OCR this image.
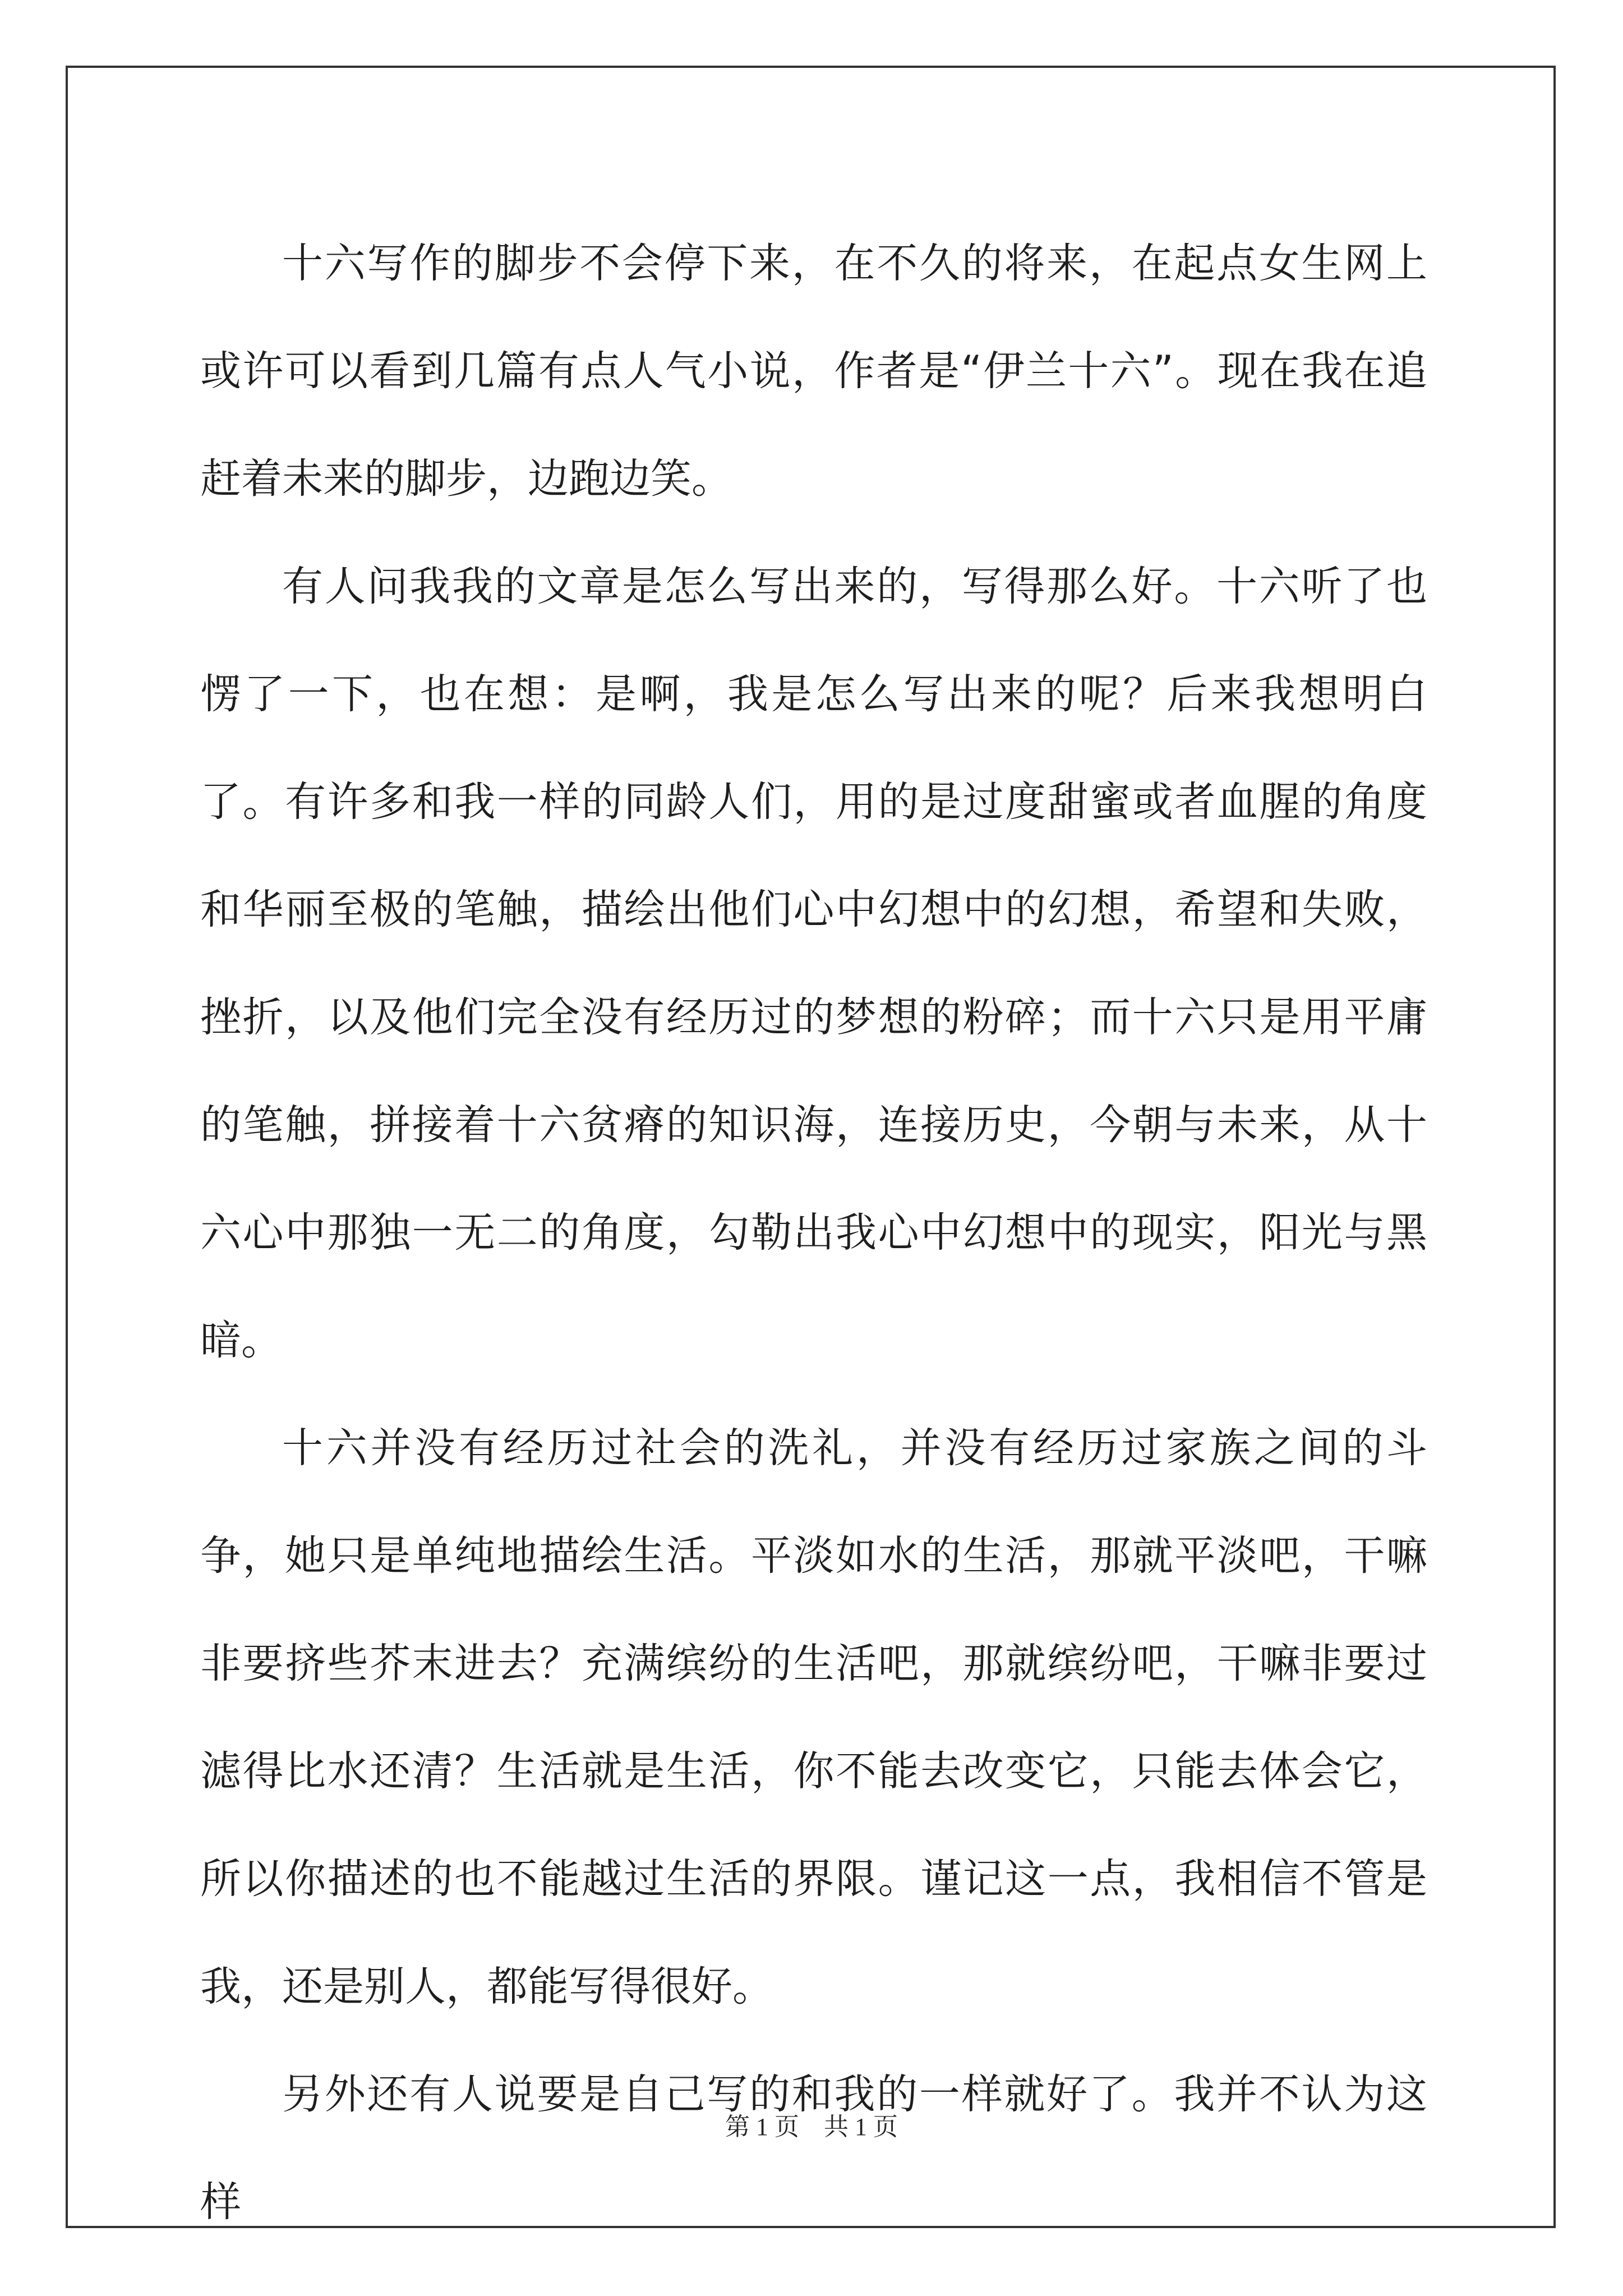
十六写作的脚步不会停下来，在不久的将来，在起点女生网上或许可以看到几篇有点人气小说，作者是“伊兰十六”。现在我在追赶着未来的脚步，边跑边笑。

有人问我我的文章是怎么写出来的，写得那么好。十六听了也愣了一下，也在想：是啊，我是怎么写出来的呢？后来我想明白了。有许多和我一样的同龄人们，用的是过度甜蜜或者血腥的角度和华丽至极的笔触，描绘出他们心中幻想中的幻想，希望和失败，挫折，以及他们完全没有经历过的梦想的粉碎；而十六只是用平庸的笔触，拼接着十六贫瘠的知识海，连接历史，今朝与未来，从十六心中那独一无二的角度，勾勒出我心中幻想中的现实，阳光与黑暗。

十六并没有经历过社会的洗礼，并没有经历过家族之间的斗争，她只是单纯地描绘生活。平淡如水的生活，那就平淡吧，干嘛非要挤些芥末进去？充满缤纷的生活吧，那就缤纷吧，干嘛非要过滤得比水还清？生活就是生活，你不能去改变它，只能去体会它，所以你描述的也不能越过生活的界限。谨记这一点，我相信不管是我，还是别人，都能写得很好。

另外还有人说要是自己写的和我的一样就好了。我并不认为这样

第 1 页 共 1 页
